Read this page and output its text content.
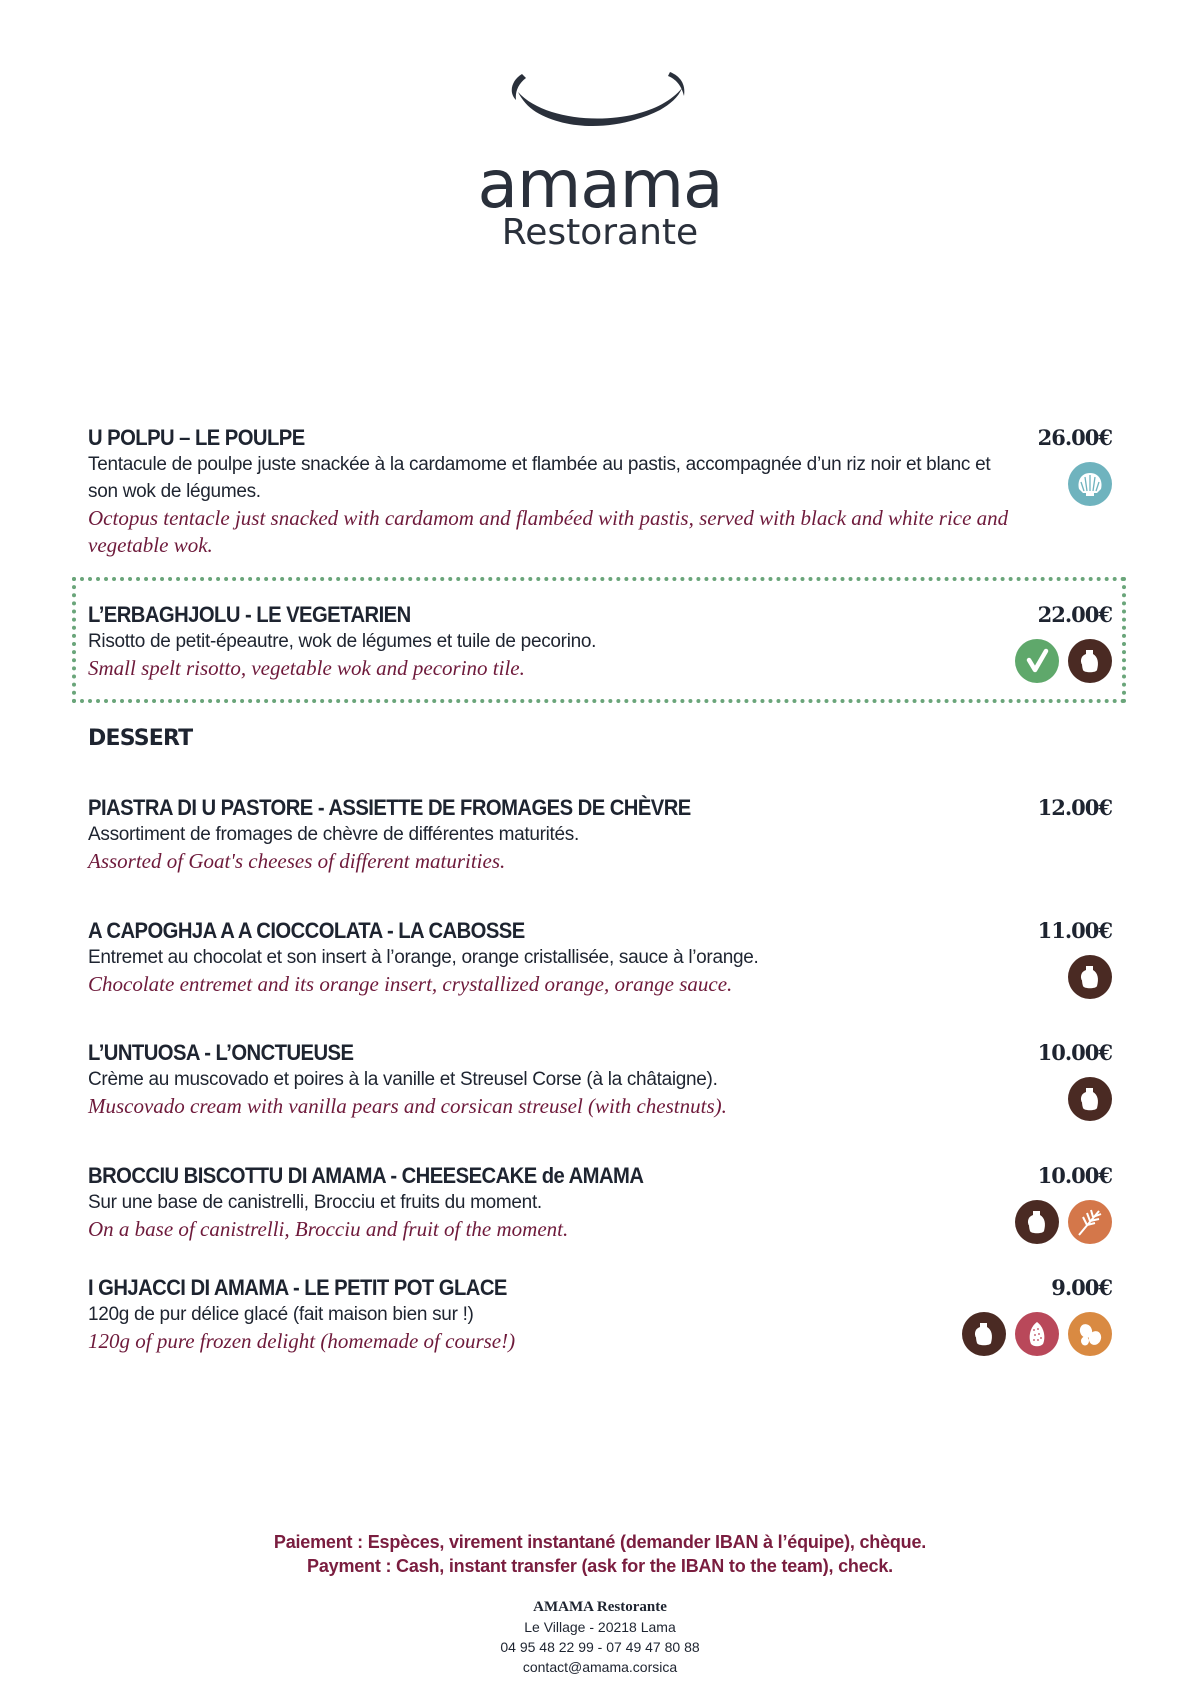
amama
Restorante
U POLPU – LE POULPE
Tentacule de poulpe juste snackée à la cardamome et flambée au pastis, accompagnée d’un riz noir et blanc et son wok de légumes.
Octopus tentacle just snacked with cardamom and flambéed with pastis, served with black and white rice and vegetable wok.
26.00€
L’ERBAGHJOLU - LE VEGETARIEN
Risotto de petit-épeautre, wok de légumes et tuile de pecorino.
Small spelt risotto, vegetable wok and pecorino tile.
22.00€
DESSERT
PIASTRA DI U PASTORE - ASSIETTE DE FROMAGES DE CHÈVRE
Assortiment de fromages de chèvre de différentes maturités.
Assorted of Goat's cheeses of different maturities.
12.00€
A CAPOGHJA A A CIOCCOLATA - LA CABOSSE
Entremet au chocolat et son insert à l’orange, orange cristallisée, sauce à l’orange.
Chocolate entremet and its orange insert, crystallized orange, orange sauce.
11.00€
L’UNTUOSA - L’ONCTUEUSE
Crème au muscovado et poires à la vanille et Streusel Corse (à la châtaigne).
Muscovado cream with vanilla pears and corsican streusel (with chestnuts).
10.00€
BROCCIU BISCOTTU DI AMAMA - CHEESECAKE de AMAMA
Sur une base de canistrelli, Brocciu et fruits du moment.
On a base of canistrelli, Brocciu and fruit of the moment.
10.00€
I GHJACCI DI AMAMA - LE PETIT POT GLACE
120g de pur délice glacé (fait maison bien sur !)
120g of pure frozen delight (homemade of course!)
9.00€
Paiement : Espèces, virement instantané (demander IBAN à l’équipe), chèque.
Payment : Cash, instant transfer (ask for the IBAN to the team), check.
AMAMA Restorante
Le Village - 20218 Lama
04 95 48 22 99 - 07 49 47 80 88
contact@amama.corsica
